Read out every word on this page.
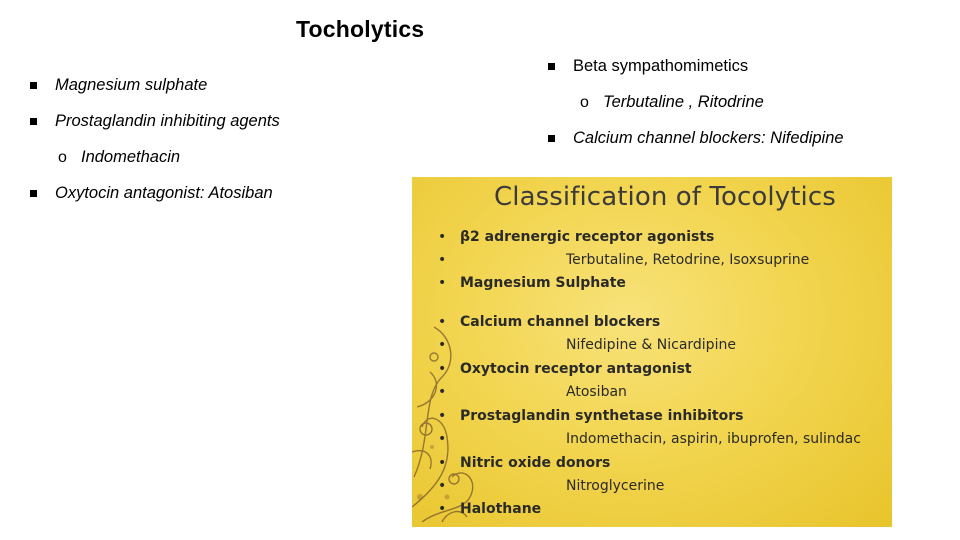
Tocholytics
Magnesium sulphate
Prostaglandin inhibiting agents
o Indomethacin
Oxytocin antagonist: Atosiban
Beta sympathomimetics
o Terbutaline , Ritodrine
Calcium channel blockers: Nifedipine
Classification of Tocolytics
• β2 adrenergic receptor agonists
•	Terbutaline, Retodrine, Isoxsuprine
• Magnesium Sulphate
• Calcium channel blockers
•	Nifedipine & Nicardipine
• Oxytocin receptor antagonist
•	Atosiban
• Prostaglandin synthetase inhibitors
•	Indomethacin, aspirin, ibuprofen, sulindac
• Nitric oxide donors
•	Nitroglycerine
• Halothane
